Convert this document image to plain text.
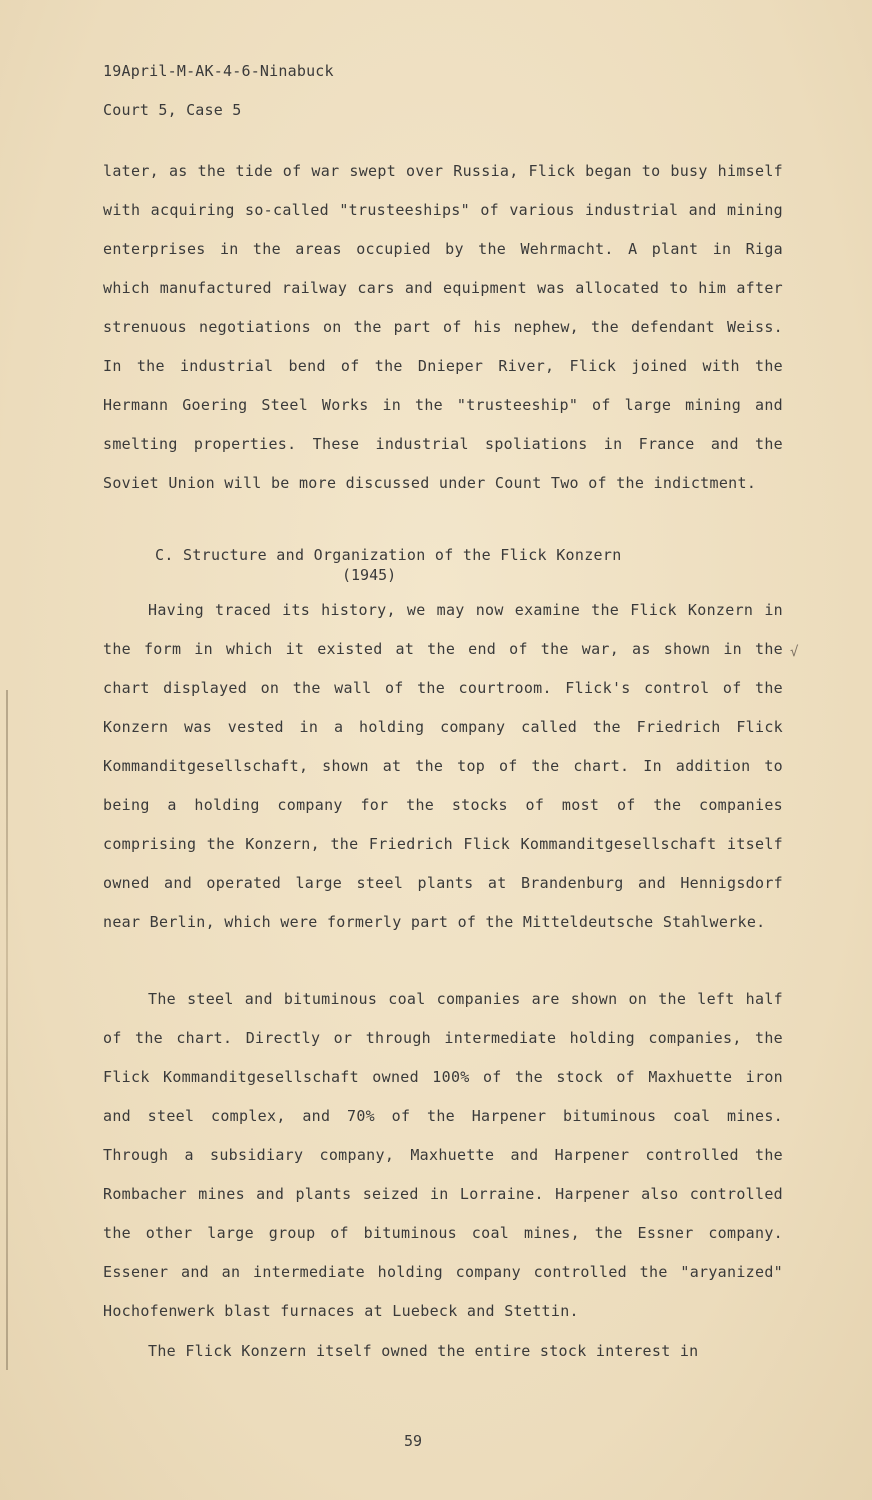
19April-M-AK-4-6-Ninabuck
Court 5, Case 5
later, as the tide of war swept over Russia, Flick began to busy himself with acquiring so-called "trusteeships" of various industrial and mining enterprises in the areas occupied by the Wehrmacht. A plant in Riga which manufactured railway cars and equipment was allocated to him after strenuous negotiations on the part of his nephew, the defendant Weiss. In the industrial bend of the Dnieper River, Flick joined with the Hermann Goering Steel Works in the "trusteeship" of large mining and smelting properties. These industrial spoliations in France and the Soviet Union will be more discussed under Count Two of the indictment.
C. Structure and Organization of the Flick Konzern
(1945)
Having traced its history, we may now examine the Flick Konzern in the form in which it existed at the end of the war, as shown in the chart displayed on the wall of the courtroom. Flick's control of the Konzern was vested in a holding company called the Friedrich Flick Kommanditgesellschaft, shown at the top of the chart. In addition to being a holding company for the stocks of most of the companies comprising the Konzern, the Friedrich Flick Kommanditgesellschaft itself owned and operated large steel plants at Brandenburg and Hennigsdorf near Berlin, which were formerly part of the Mitteldeutsche Stahlwerke.
√
The steel and bituminous coal companies are shown on the left half of the chart. Directly or through intermediate holding companies, the Flick Kommanditgesellschaft owned 100% of the stock of Maxhuette iron and steel complex, and 70% of the Harpener bituminous coal mines. Through a subsidiary company, Maxhuette and Harpener controlled the Rombacher mines and plants seized in Lorraine. Harpener also controlled the other large group of bituminous coal mines, the Essner company. Essener and an intermediate holding company controlled the "aryanized" Hochofenwerk blast furnaces at Luebeck and Stettin.
The Flick Konzern itself owned the entire stock interest in
59
